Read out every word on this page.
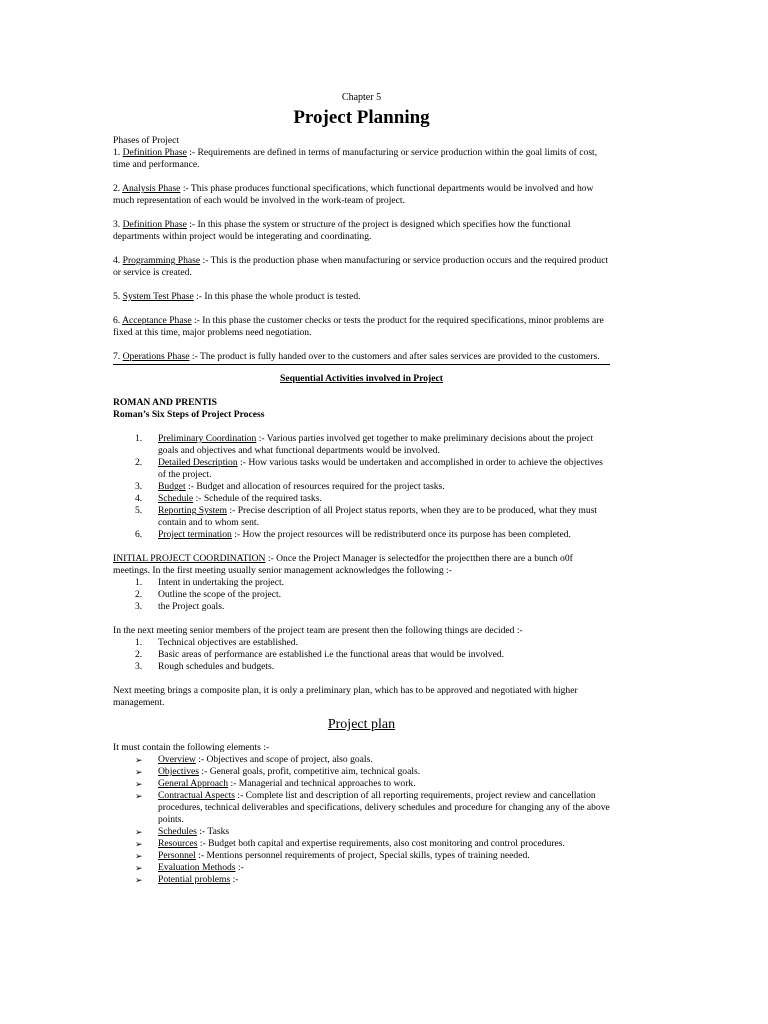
Chapter 5
Project Planning
Phases of Project
1. Definition Phase :- Requirements are defined in terms of manufacturing or service production within the goal limits of cost, time and performance.
2. Analysis Phase :- This phase produces functional specifications, which functional departments would be involved and how much representation of each would be involved in the work-team of project.
3. Definition Phase :- In this phase the system or structure of the project is designed which specifies how the functional departments within project would be integerating and coordinating.
4. Programming Phase :- This is the production phase when manufacturing or service production occurs and the required product or service is created.
5. System Test Phase :- In this phase the whole product is tested.
6. Acceptance Phase :- In this phase the customer checks or tests the product for the required specifications, minor problems are fixed at this time, major problems need negotiation.
7. Operations Phase :- The product is fully handed over to the customers and after sales services are provided to the customers.
Sequential Activities involved in Project
ROMAN AND PRENTIS
Roman’s Six Steps of Project Process
1. Preliminary Coordination :- Various parties involved get together to make preliminary decisions about the project goals and objectives and what functional departments would be involved.
2. Detailed Description :- How various tasks would be undertaken and accomplished in order to achieve the objectives of the project.
3. Budget :- Budget and allocation of resources required for the project tasks.
4. Schedule :- Schedule of the required tasks.
5. Reporting System :- Precise description of all Project status reports, when they are to be produced, what they must contain and to whom sent.
6. Project termination :- How the project resources will be redistributerd once its purpose has been completed.
INITIAL PROJECT COORDINATION :- Once the Project Manager is selectedfor the projectthen there are a bunch o0f meetings. In the first meeting usually senior management acknowledges the following :-
1. Intent in undertaking the project.
2. Outline the scope of the project.
3. the Project goals.
In the next meeting senior members of the project team are present then the following things are decided :-
1. Technical objectives are established.
2. Basic areas of performance are established i.e the functional areas that would be involved.
3. Rough schedules and budgets.
Next meeting brings a composite plan, it is only a preliminary plan, which has to be approved and negotiated with higher management.
Project plan
It must contain the following elements :-
➢ Overview :- Objectives and scope of project, also goals.
➢ Objectives :- General goals, profit, competitive aim, technical goals.
➢ General Approach :- Managerial and technical approaches to work.
➢ Contractual Aspects :- Complete list and description of all reporting requirements, project review and cancellation procedures, technical deliverables and specifications, delivery schedules and procedure for changing any of the above points.
➢ Schedules :- Tasks
➢ Resources :- Budget both capital and expertise requirements, also cost monitoring and control procedures.
➢ Personnel :- Mentions personnel requirements of project, Special skills, types of training needed.
➢ Evaluation Methods :-
➢ Potential problems :-
